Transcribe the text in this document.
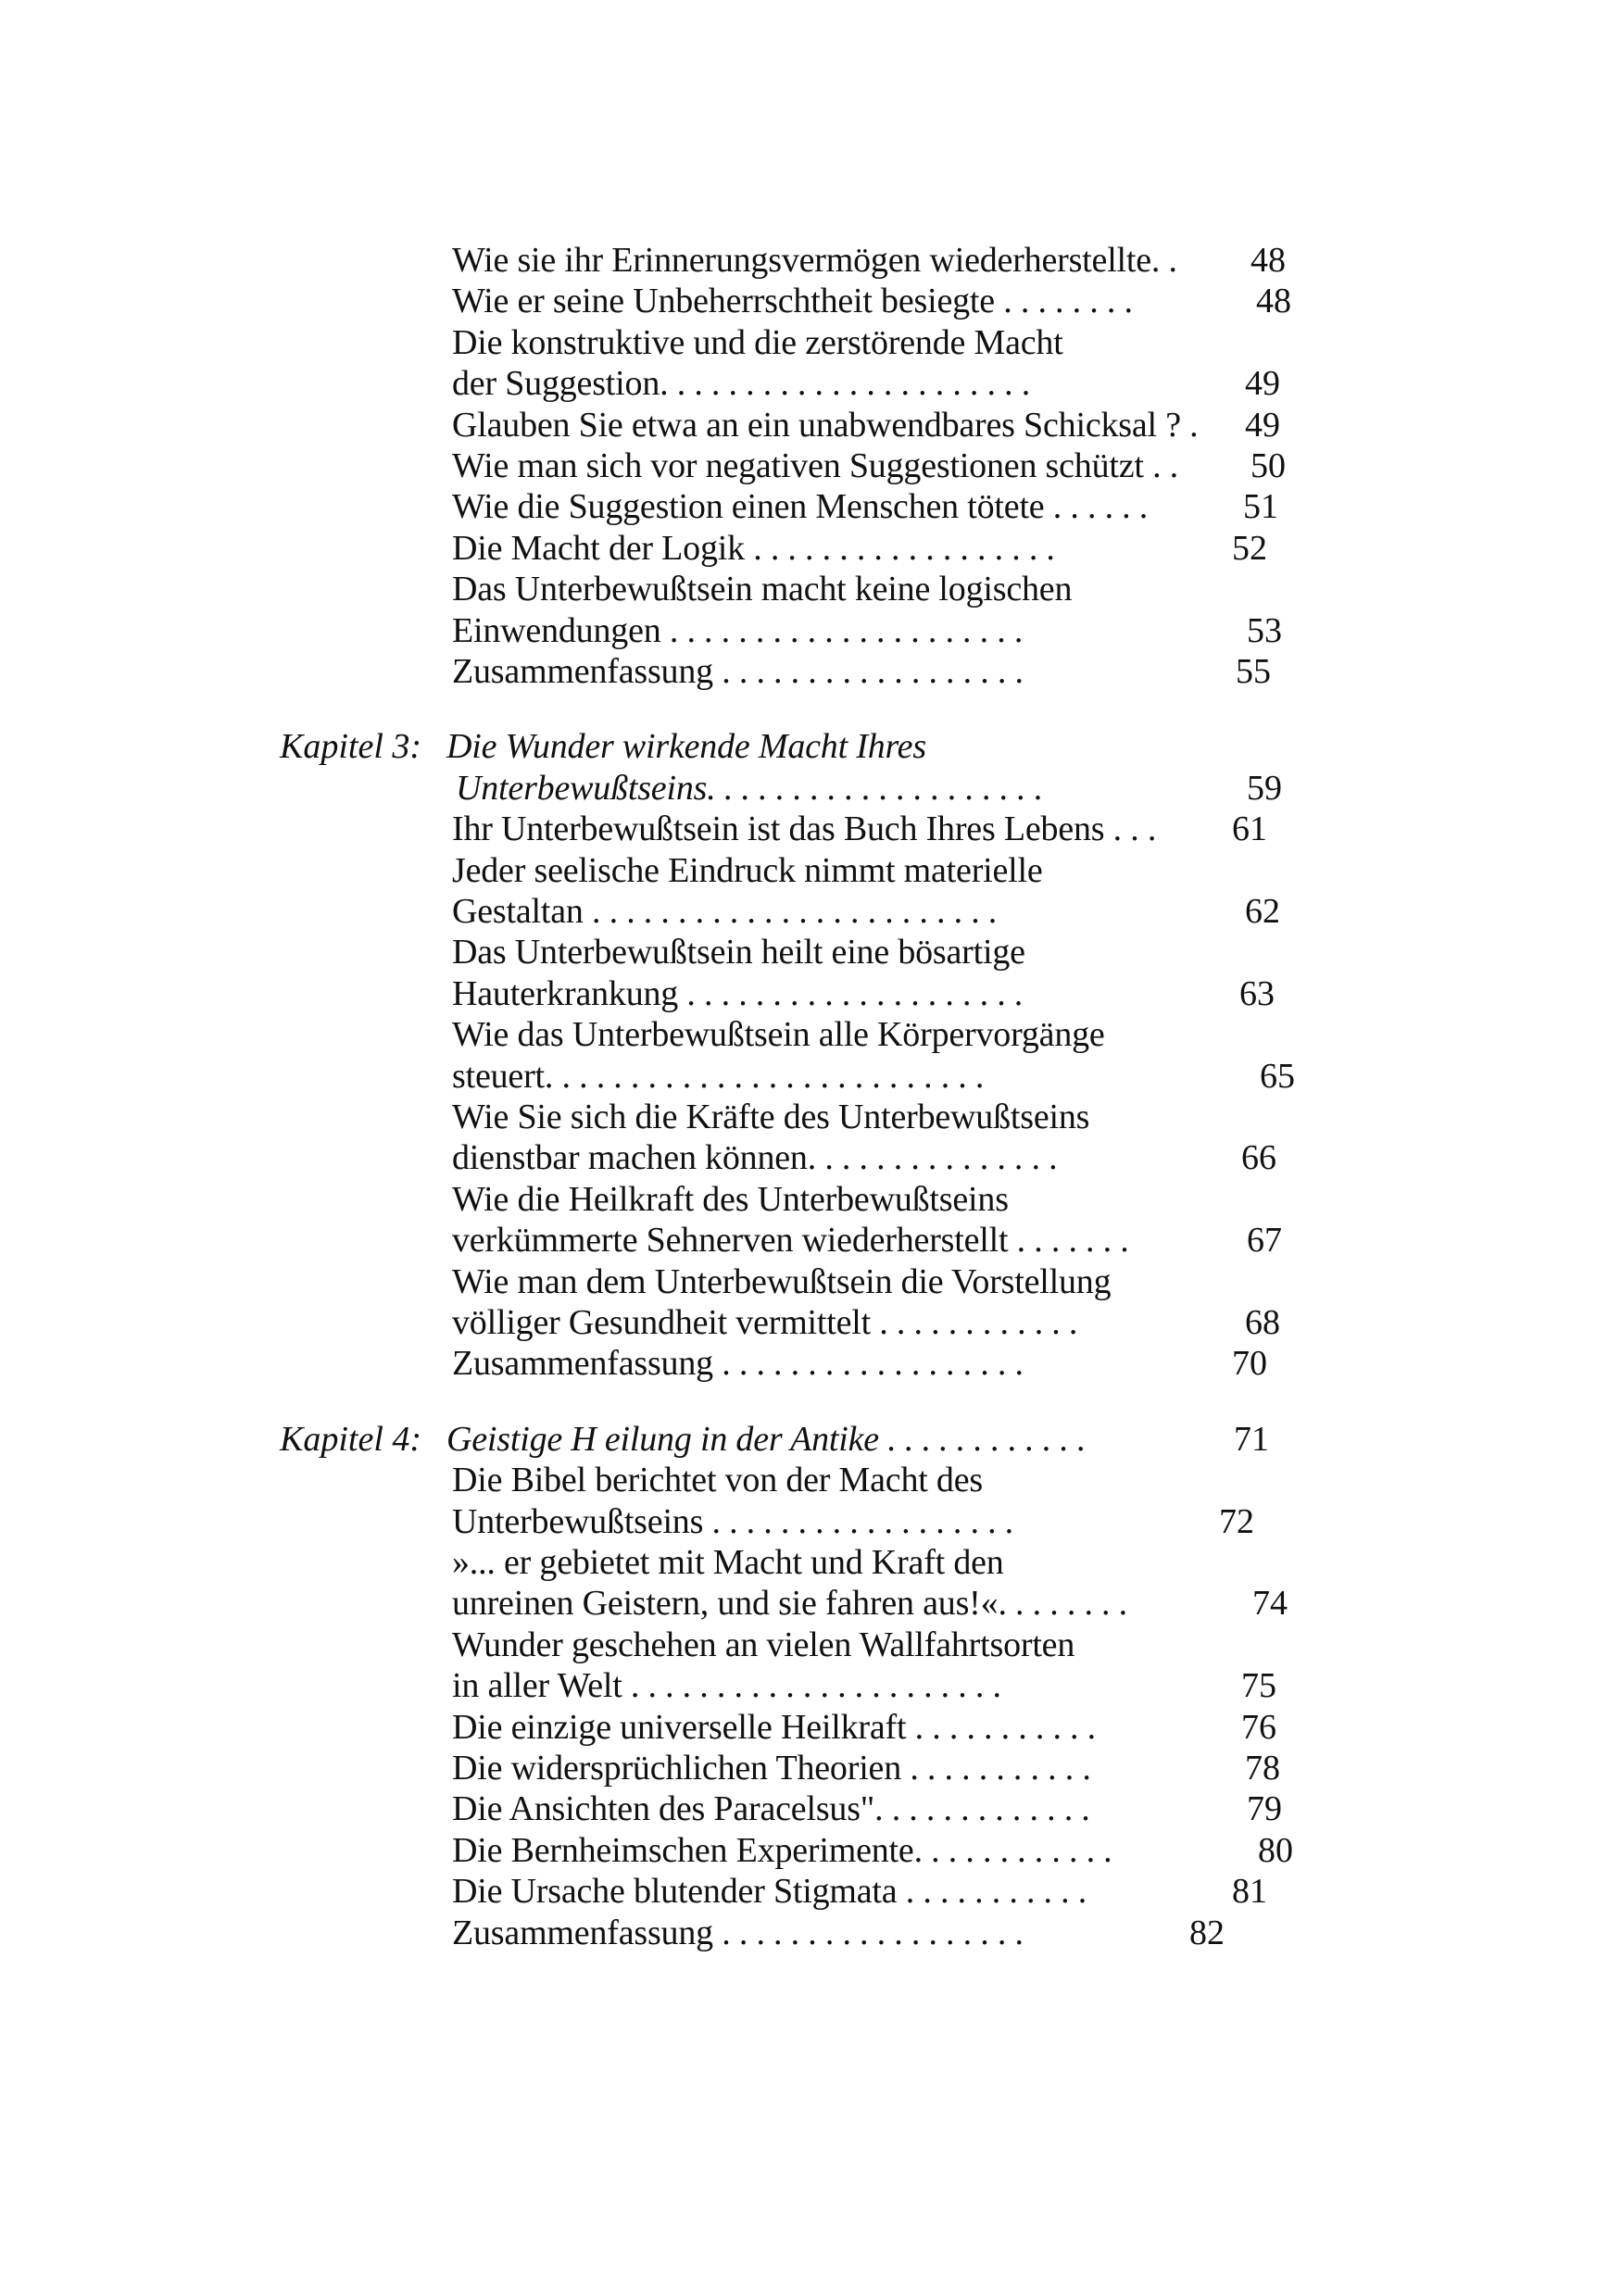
Wie sie ihr Erinnerungsvermögen wiederherstellte. . 48
Wie er seine Unbeherrschtheit besiegte . . . . . . . .	48
Die konstruktive und die zerstörende Macht
der Suggestion. . . . . . . . . . . . . . . . . . . . . .	49
Glauben Sie etwa an ein unabwendbares Schicksal ? . 49
Wie man sich vor negativen Suggestionen schützt . . 50
Wie die Suggestion einen Menschen tötete . . . . . .	51
Die Macht der Logik . . . . . . . . . . . . . . . . . .	52
Das Unterbewußtsein macht keine logischen
Einwendungen . . . . . . . . . . . . . . . . . . . . .	53
Zusammenfassung . . . . . . . . . . . . . . . . . .	55
Kapitel 3: Die Wunder wirkende Macht Ihres
Unterbewußtseins. . . . . . . . . . . . . . . . . . . .	59
Ihr Unterbewußtsein ist das Buch Ihres Lebens . . . 61
Jeder seelische Eindruck nimmt materielle
Gestaltan . . . . . . . . . . . . . . . . . . . . . . . .	62
Das Unterbewußtsein heilt eine bösartige
Hauterkrankung . . . . . . . . . . . . . . . . . . . .	63
Wie das Unterbewußtsein alle Körpervorgänge
steuert. . . . . . . . . . . . . . . . . . . . . . . . . .	65
Wie Sie sich die Kräfte des Unterbewußtseins
dienstbar machen können. . . . . . . . . . . . . . .	66
Wie die Heilkraft des Unterbewußtseins
verkümmerte Sehnerven wiederherstellt . . . . . . .	67
Wie man dem Unterbewußtsein die Vorstellung
völliger Gesundheit vermittelt . . . . . . . . . . . .	68
Zusammenfassung . . . . . . . . . . . . . . . . . .	70
Kapitel 4: Geistige H eilung in der Antike . . . . . . . . . . . .	71
Die Bibel berichtet von der Macht des
Unterbewußtseins . . . . . . . . . . . . . . . . . .	72
»... er gebietet mit Macht und Kraft den
unreinen Geistern, und sie fahren aus!«. . . . . . . .	74
Wunder geschehen an vielen Wallfahrtsorten
in aller Welt . . . . . . . . . . . . . . . . . . . . . .	75
Die einzige universelle Heilkraft . . . . . . . . . . .	76
Die widersprüchlichen Theorien . . . . . . . . . . .	78
Die Ansichten des Paracelsus". . . . . . . . . . . . .	79
Die Bernheimschen Experimente. . . . . . . . . . . .	80
Die Ursache blutender Stigmata . . . . . . . . . . .	81
Zusammenfassung . . . . . . . . . . . . . . . . . .	82
